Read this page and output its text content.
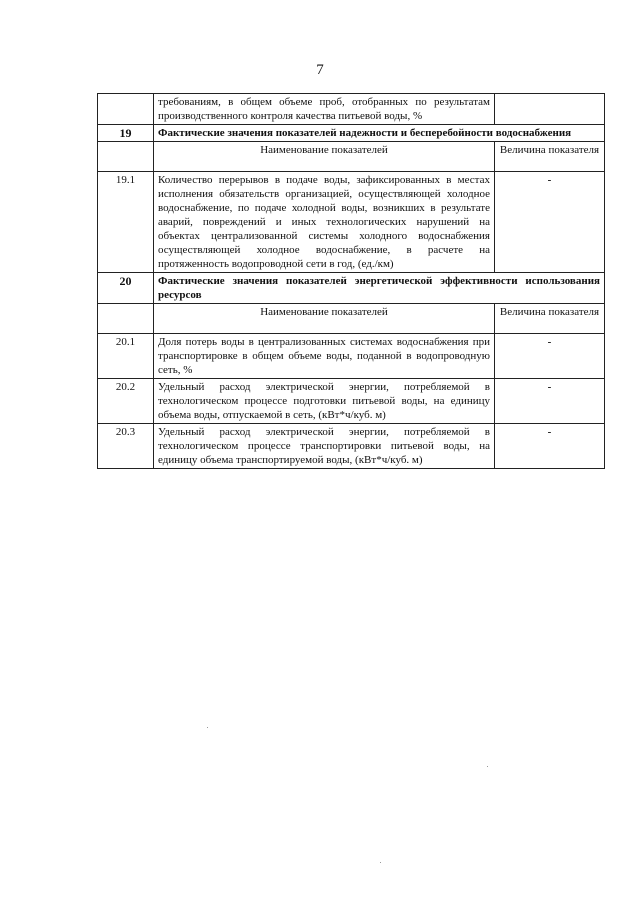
7
	требованиям, в общем объеме проб, отобранных по результатам производственного контроля качества питьевой воды, %	
19	Фактические значения показателей надежности и бесперебойности водоснабжения	
	Наименование показателей	Величина показателя
19.1	Количество перерывов в подаче воды, зафиксированных в местах исполнения обязательств организацией, осуществляющей холодное водоснабжение, по подаче холодной воды, возникших в результате аварий, повреждений и иных технологических нарушений на объектах централизованной системы холодного водоснабжения осуществляющей холодное водоснабжение, в расчете на протяженность водопроводной сети в год, (ед./км)	-
20	Фактические значения показателей энергетической эффективности использования ресурсов	
	Наименование показателей	Величина показателя
20.1	Доля потерь воды в централизованных системах водоснабжения при транспортировке в общем объеме воды, поданной в водопроводную сеть, %	-
20.2	Удельный расход электрической энергии, потребляемой в технологическом процессе подготовки питьевой воды, на единицу объема воды, отпускаемой в сеть, (кВт*ч/куб. м)	-
20.3	Удельный расход электрической энергии, потребляемой в технологическом процессе транспортировки питьевой воды, на единицу объема транспортируемой воды, (кВт*ч/куб. м)	-
